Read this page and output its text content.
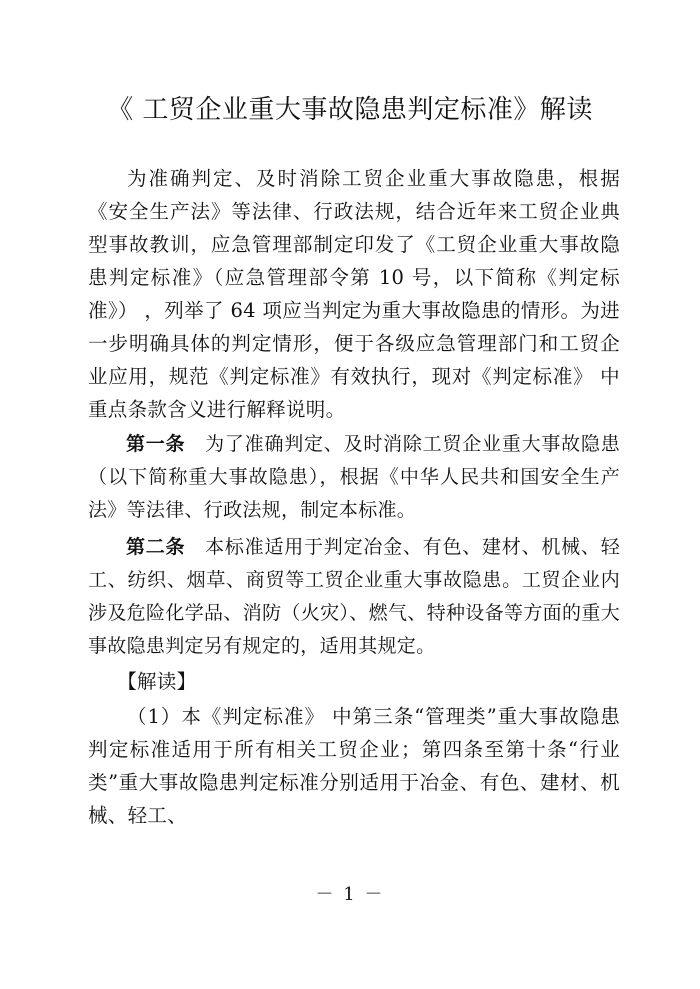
《 工贸企业重大事故隐患判定标准》解读

为准确判定、及时消除工贸企业重大事故隐患，根据《安全生产法》等法律、行政法规，结合近年来工贸企业典型事故教训，应急管理部制定印发了《工贸企业重大事故隐患判定标准》（应急管理部令第 10 号，以下简称《判定标准》） ，列举了 64 项应当判定为重大事故隐患的情形。为进一步明确具体的判定情形，便于各级应急管理部门和工贸企业应用，规范《判定标准》有效执行，现对《判定标准》 中重点条款含义进行解释说明。

第一条　为了准确判定、及时消除工贸企业重大事故隐患（以下简称重大事故隐患），根据《中华人民共和国安全生产法》等法律、行政法规，制定本标准。

第二条　本标准适用于判定冶金、有色、建材、机械、轻工、纺织、烟草、商贸等工贸企业重大事故隐患。工贸企业内涉及危险化学品、消防（火灾）、燃气、特种设备等方面的重大事故隐患判定另有规定的，适用其规定。

【解读】

（1）本《判定标准》 中第三条“管理类”重大事故隐患判定标准适用于所有相关工贸企业；第四条至第十条“行业类”重大事故隐患判定标准分别适用于冶金、有色、建材、机械、轻工、

－ 1 －
